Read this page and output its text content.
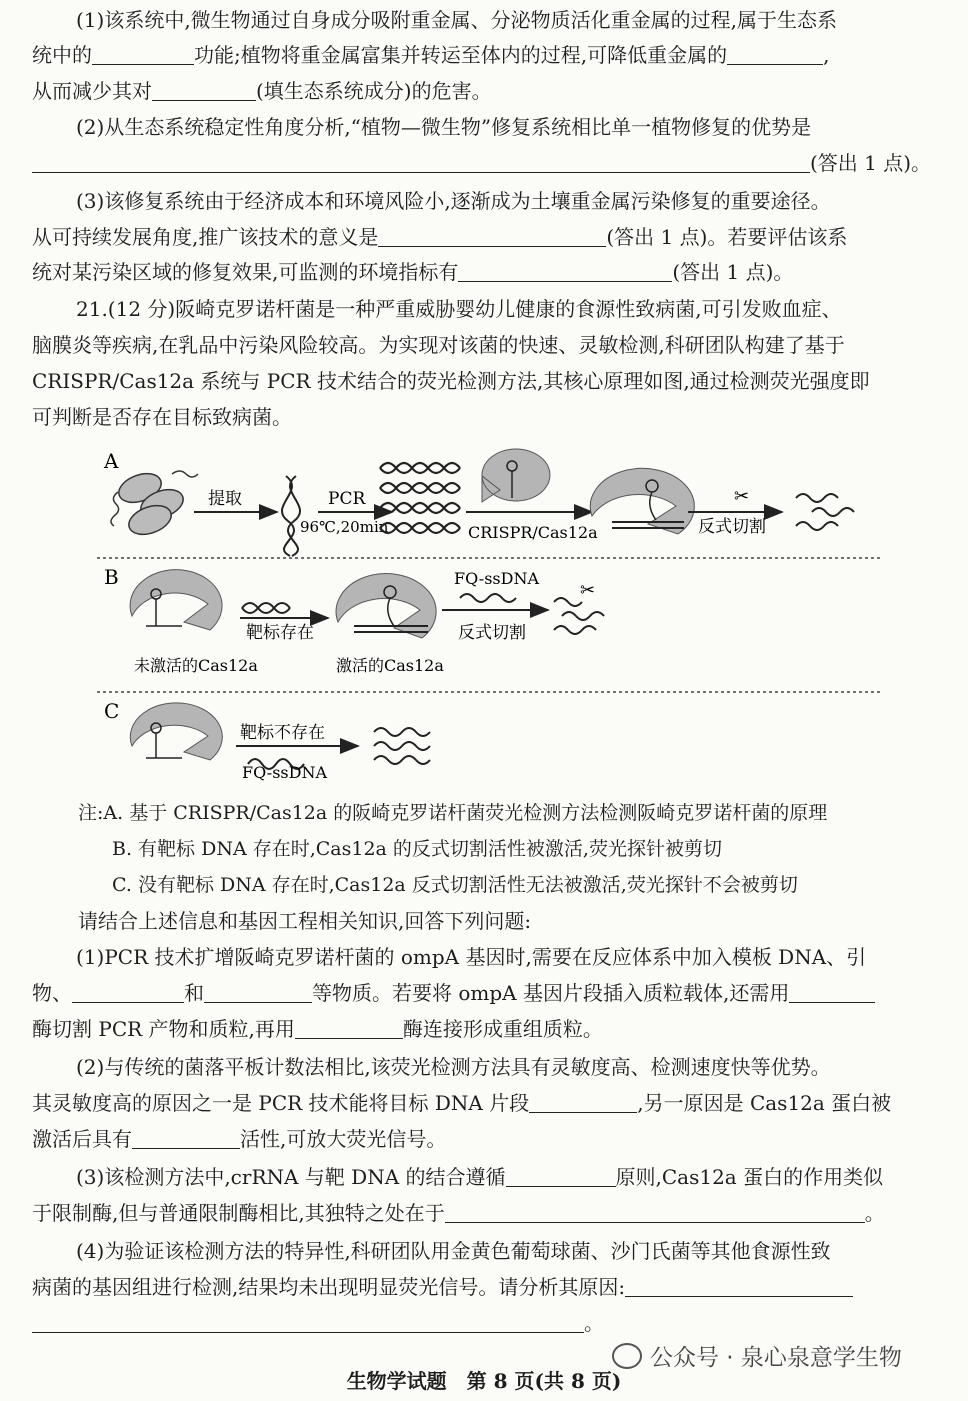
(1)该系统中,微生物通过自身成分吸附重金属、分泌物质活化重金属的过程,属于生态系
统中的	功能;植物将重金属富集并转运至体内的过程,可降低重金属的	,
从而减少其对	(填生态系统成分)的危害。
(2)从生态系统稳定性角度分析,“植物—微生物”修复系统相比单一植物修复的优势是
(答出 1 点)。
(3)该修复系统由于经济成本和环境风险小,逐渐成为土壤重金属污染修复的重要途径。
从可持续发展角度,推广该技术的意义是	(答出 1 点)。若要评估该系
统对某污染区域的修复效果,可监测的环境指标有	(答出 1 点)。
21.(12 分)阪崎克罗诺杆菌是一种严重威胁婴幼儿健康的食源性致病菌,可引发败血症、
脑膜炎等疾病,在乳品中污染风险较高。为实现对该菌的快速、灵敏检测,科研团队构建了基于
CRISPR/Cas12a 系统与 PCR 技术结合的荧光检测方法,其核心原理如图,通过检测荧光强度即
可判断是否存在目标致病菌。
A
提取	PCR
96℃,20min	CRISPR/Cas12a	反式切割
✂
B
未激活的Cas12a
靶标存在
激活的Cas12a
FQ-ssDNA
反式切割
✂
C
靶标不存在
FQ-ssDNA
注:A. 基于 CRISPR/Cas12a 的阪崎克罗诺杆菌荧光检测方法检测阪崎克罗诺杆菌的原理
B. 有靶标 DNA 存在时,Cas12a 的反式切割活性被激活,荧光探针被剪切
C. 没有靶标 DNA 存在时,Cas12a 反式切割活性无法被激活,荧光探针不会被剪切
请结合上述信息和基因工程相关知识,回答下列问题:
(1)PCR 技术扩增阪崎克罗诺杆菌的 ompA 基因时,需要在反应体系中加入模板 DNA、引
物、	和	等物质。若要将 ompA 基因片段插入质粒载体,还需用
酶切割 PCR 产物和质粒,再用	酶连接形成重组质粒。
(2)与传统的菌落平板计数法相比,该荧光检测方法具有灵敏度高、检测速度快等优势。
其灵敏度高的原因之一是 PCR 技术能将目标 DNA 片段	,另一原因是 Cas12a 蛋白被
激活后具有	活性,可放大荧光信号。
(3)该检测方法中,crRNA 与靶 DNA 的结合遵循	原则,Cas12a 蛋白的作用类似
于限制酶,但与普通限制酶相比,其独特之处在于	。
(4)为验证该检测方法的特异性,科研团队用金黄色葡萄球菌、沙门氏菌等其他食源性致
病菌的基因组进行检测,结果均未出现明显荧光信号。请分析其原因:
。
公众号 · 泉心泉意学生物
生物学试题　第 8 页(共 8 页)
